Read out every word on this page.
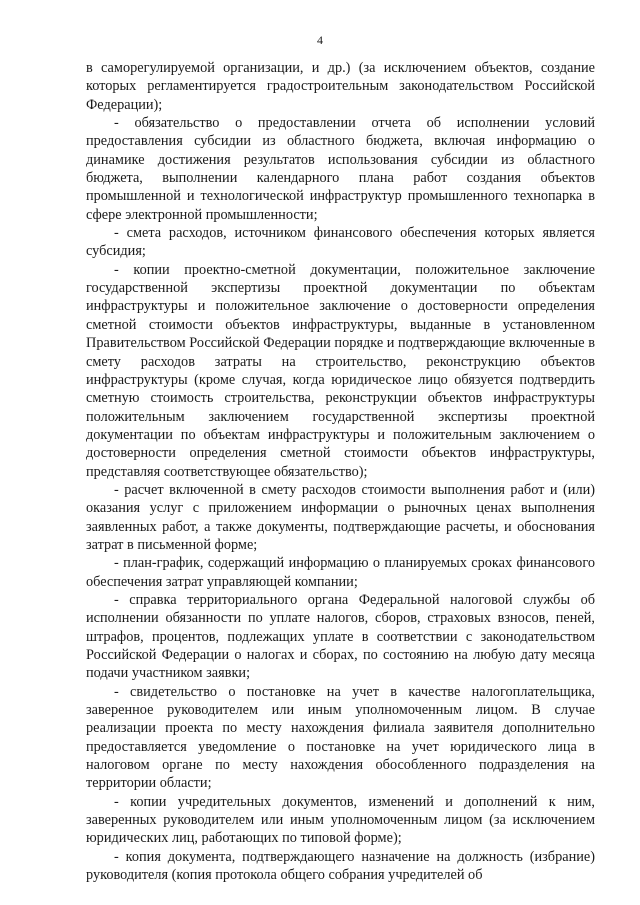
4

в саморегулируемой организации, и др.) (за исключением объектов, создание которых регламентируется градостроительным законодательством Российской Федерации);

- обязательство о предоставлении отчета об исполнении условий предоставления субсидии из областного бюджета, включая информацию о динамике достижения результатов использования субсидии из областного бюджета, выполнении календарного плана работ создания объектов промышленной и технологической инфраструктур промышленного технопарка в сфере электронной промышленности;

- смета расходов, источником финансового обеспечения которых является субсидия;

- копии проектно-сметной документации, положительное заключение государственной экспертизы проектной документации по объектам инфраструктуры и положительное заключение о достоверности определения сметной стоимости объектов инфраструктуры, выданные в установленном Правительством Российской Федерации порядке и подтверждающие включенные в смету расходов затраты на строительство, реконструкцию объектов инфраструктуры (кроме случая, когда юридическое лицо обязуется подтвердить сметную стоимость строительства, реконструкции объектов инфраструктуры положительным заключением государственной экспертизы проектной документации по объектам инфраструктуры и положительным заключением о достоверности определения сметной стоимости объектов инфраструктуры, представляя соответствующее обязательство);

- расчет включенной в смету расходов стоимости выполнения работ и (или) оказания услуг с приложением информации о рыночных ценах выполнения заявленных работ, а также документы, подтверждающие расчеты, и обоснования затрат в письменной форме;

- план-график, содержащий информацию о планируемых сроках финансового обеспечения затрат управляющей компании;

- справка территориального органа Федеральной налоговой службы об исполнении обязанности по уплате налогов, сборов, страховых взносов, пеней, штрафов, процентов, подлежащих уплате в соответствии с законодательством Российской Федерации о налогах и сборах, по состоянию на любую дату месяца подачи участником заявки;

- свидетельство о постановке на учет в качестве налогоплательщика, заверенное руководителем или иным уполномоченным лицом. В случае реализации проекта по месту нахождения филиала заявителя дополнительно предоставляется уведомление о постановке на учет юридического лица в налоговом органе по месту нахождения обособленного подразделения на территории области;

- копии учредительных документов, изменений и дополнений к ним, заверенных руководителем или иным уполномоченным лицом (за исключением юридических лиц, работающих по типовой форме);

- копия документа, подтверждающего назначение на должность (избрание) руководителя (копия протокола общего собрания учредителей об
